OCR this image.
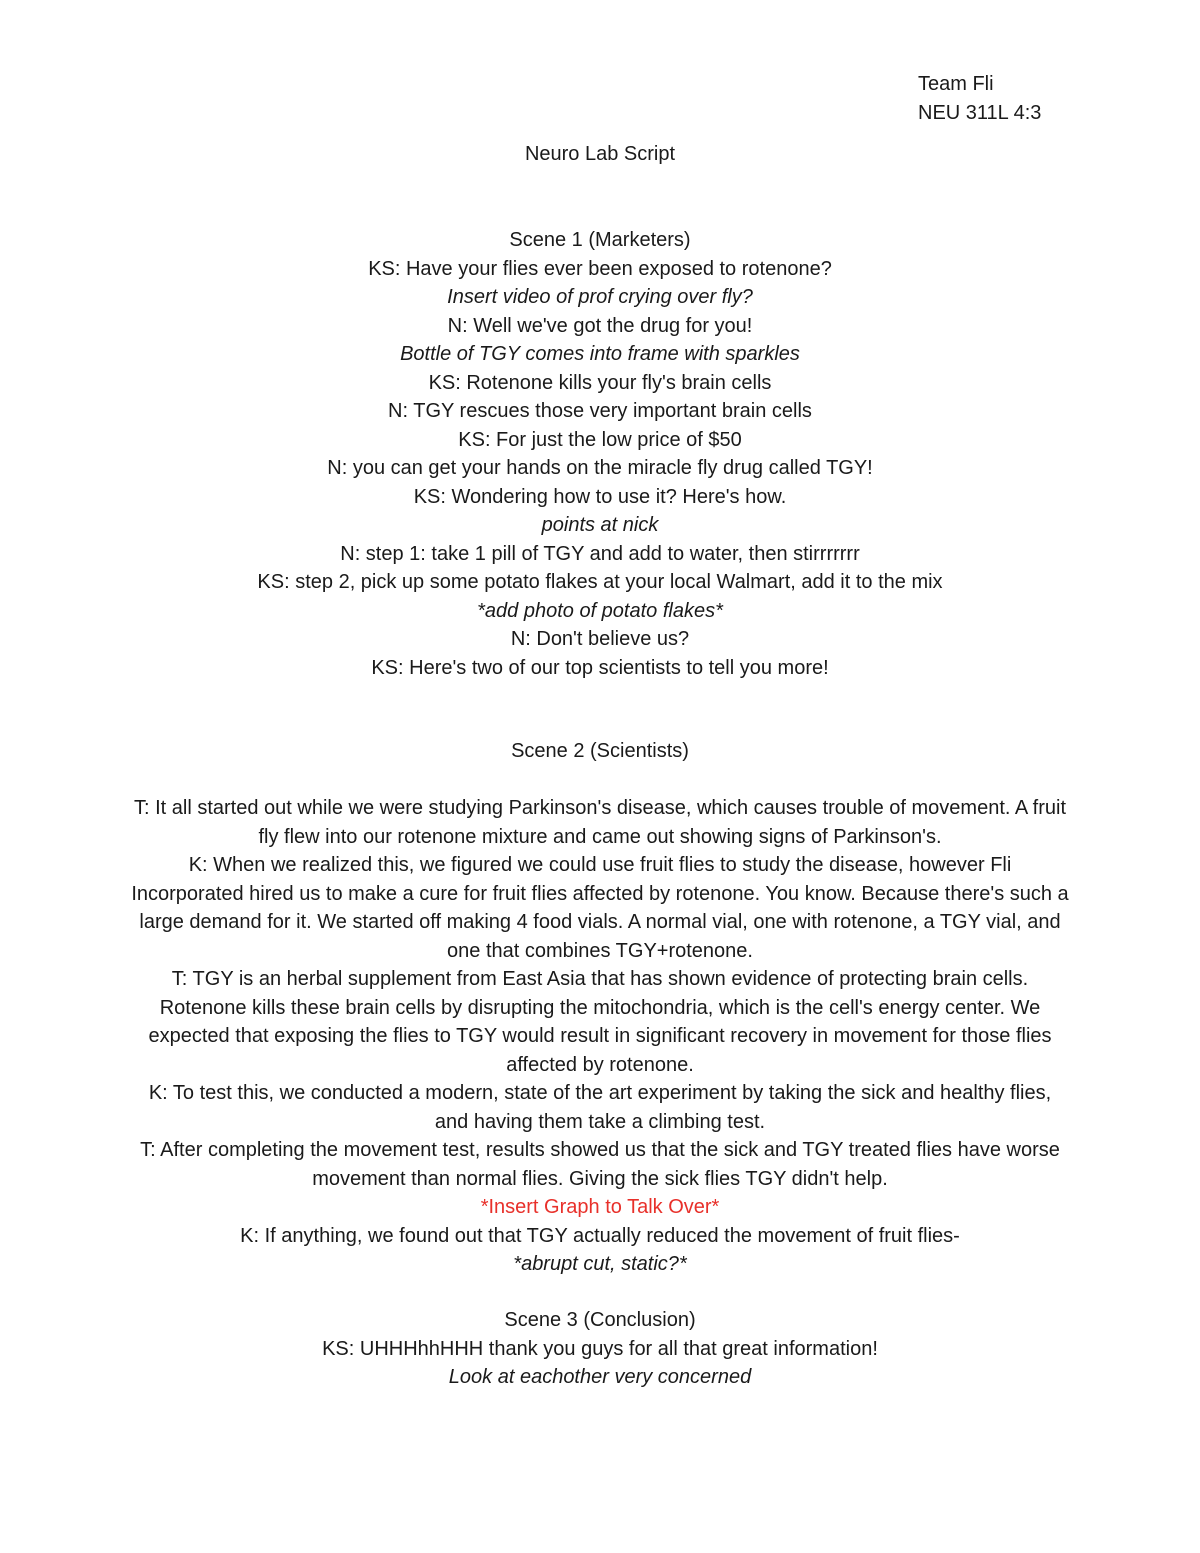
Team Fli
NEU 311L 4:3
Neuro Lab Script

Scene 1 (Marketers)

KS: Have your flies ever been exposed to rotenone?

Insert video of prof crying over fly?

N: Well we've got the drug for you!

Bottle of TGY comes into frame with sparkles

KS: Rotenone kills your fly's brain cells

N: TGY rescues those very important brain cells

KS: For just the low price of $50

N: you can get your hands on the miracle fly drug called TGY!

KS: Wondering how to use it? Here's how.

points at nick

N: step 1: take 1 pill of TGY and add to water, then stirrrrrrr

KS: step 2, pick up some potato flakes at your local Walmart, add it to the mix

*add photo of potato flakes*

N: Don't believe us?

KS: Here's two of our top scientists to tell you more!

Scene 2 (Scientists)

T: It all started out while we were studying Parkinson's disease, which causes trouble of movement. A fruit fly flew into our rotenone mixture and came out showing signs of Parkinson's.

K: When we realized this, we figured we could use fruit flies to study the disease, however Fli Incorporated hired us to make a cure for fruit flies affected by rotenone. You know. Because there's such a large demand for it. We started off making 4 food vials. A normal vial, one with rotenone, a TGY vial, and one that combines TGY+rotenone.

T: TGY is an herbal supplement from East Asia that has shown evidence of protecting brain cells. Rotenone kills these brain cells by disrupting the mitochondria, which is the cell's energy center. We expected that exposing the flies to TGY would result in significant recovery in movement for those flies affected by rotenone.

K: To test this, we conducted a modern, state of the art experiment by taking the sick and healthy flies, and having them take a climbing test.

T: After completing the movement test, results showed us that the sick and TGY treated flies have worse movement than normal flies. Giving the sick flies TGY didn't help.

*Insert Graph to Talk Over*

K: If anything, we found out that TGY actually reduced the movement of fruit flies-

*abrupt cut, static?*

Scene 3 (Conclusion)

KS: UHHHhhHHH thank you guys for all that great information!

Look at eachother very concerned
